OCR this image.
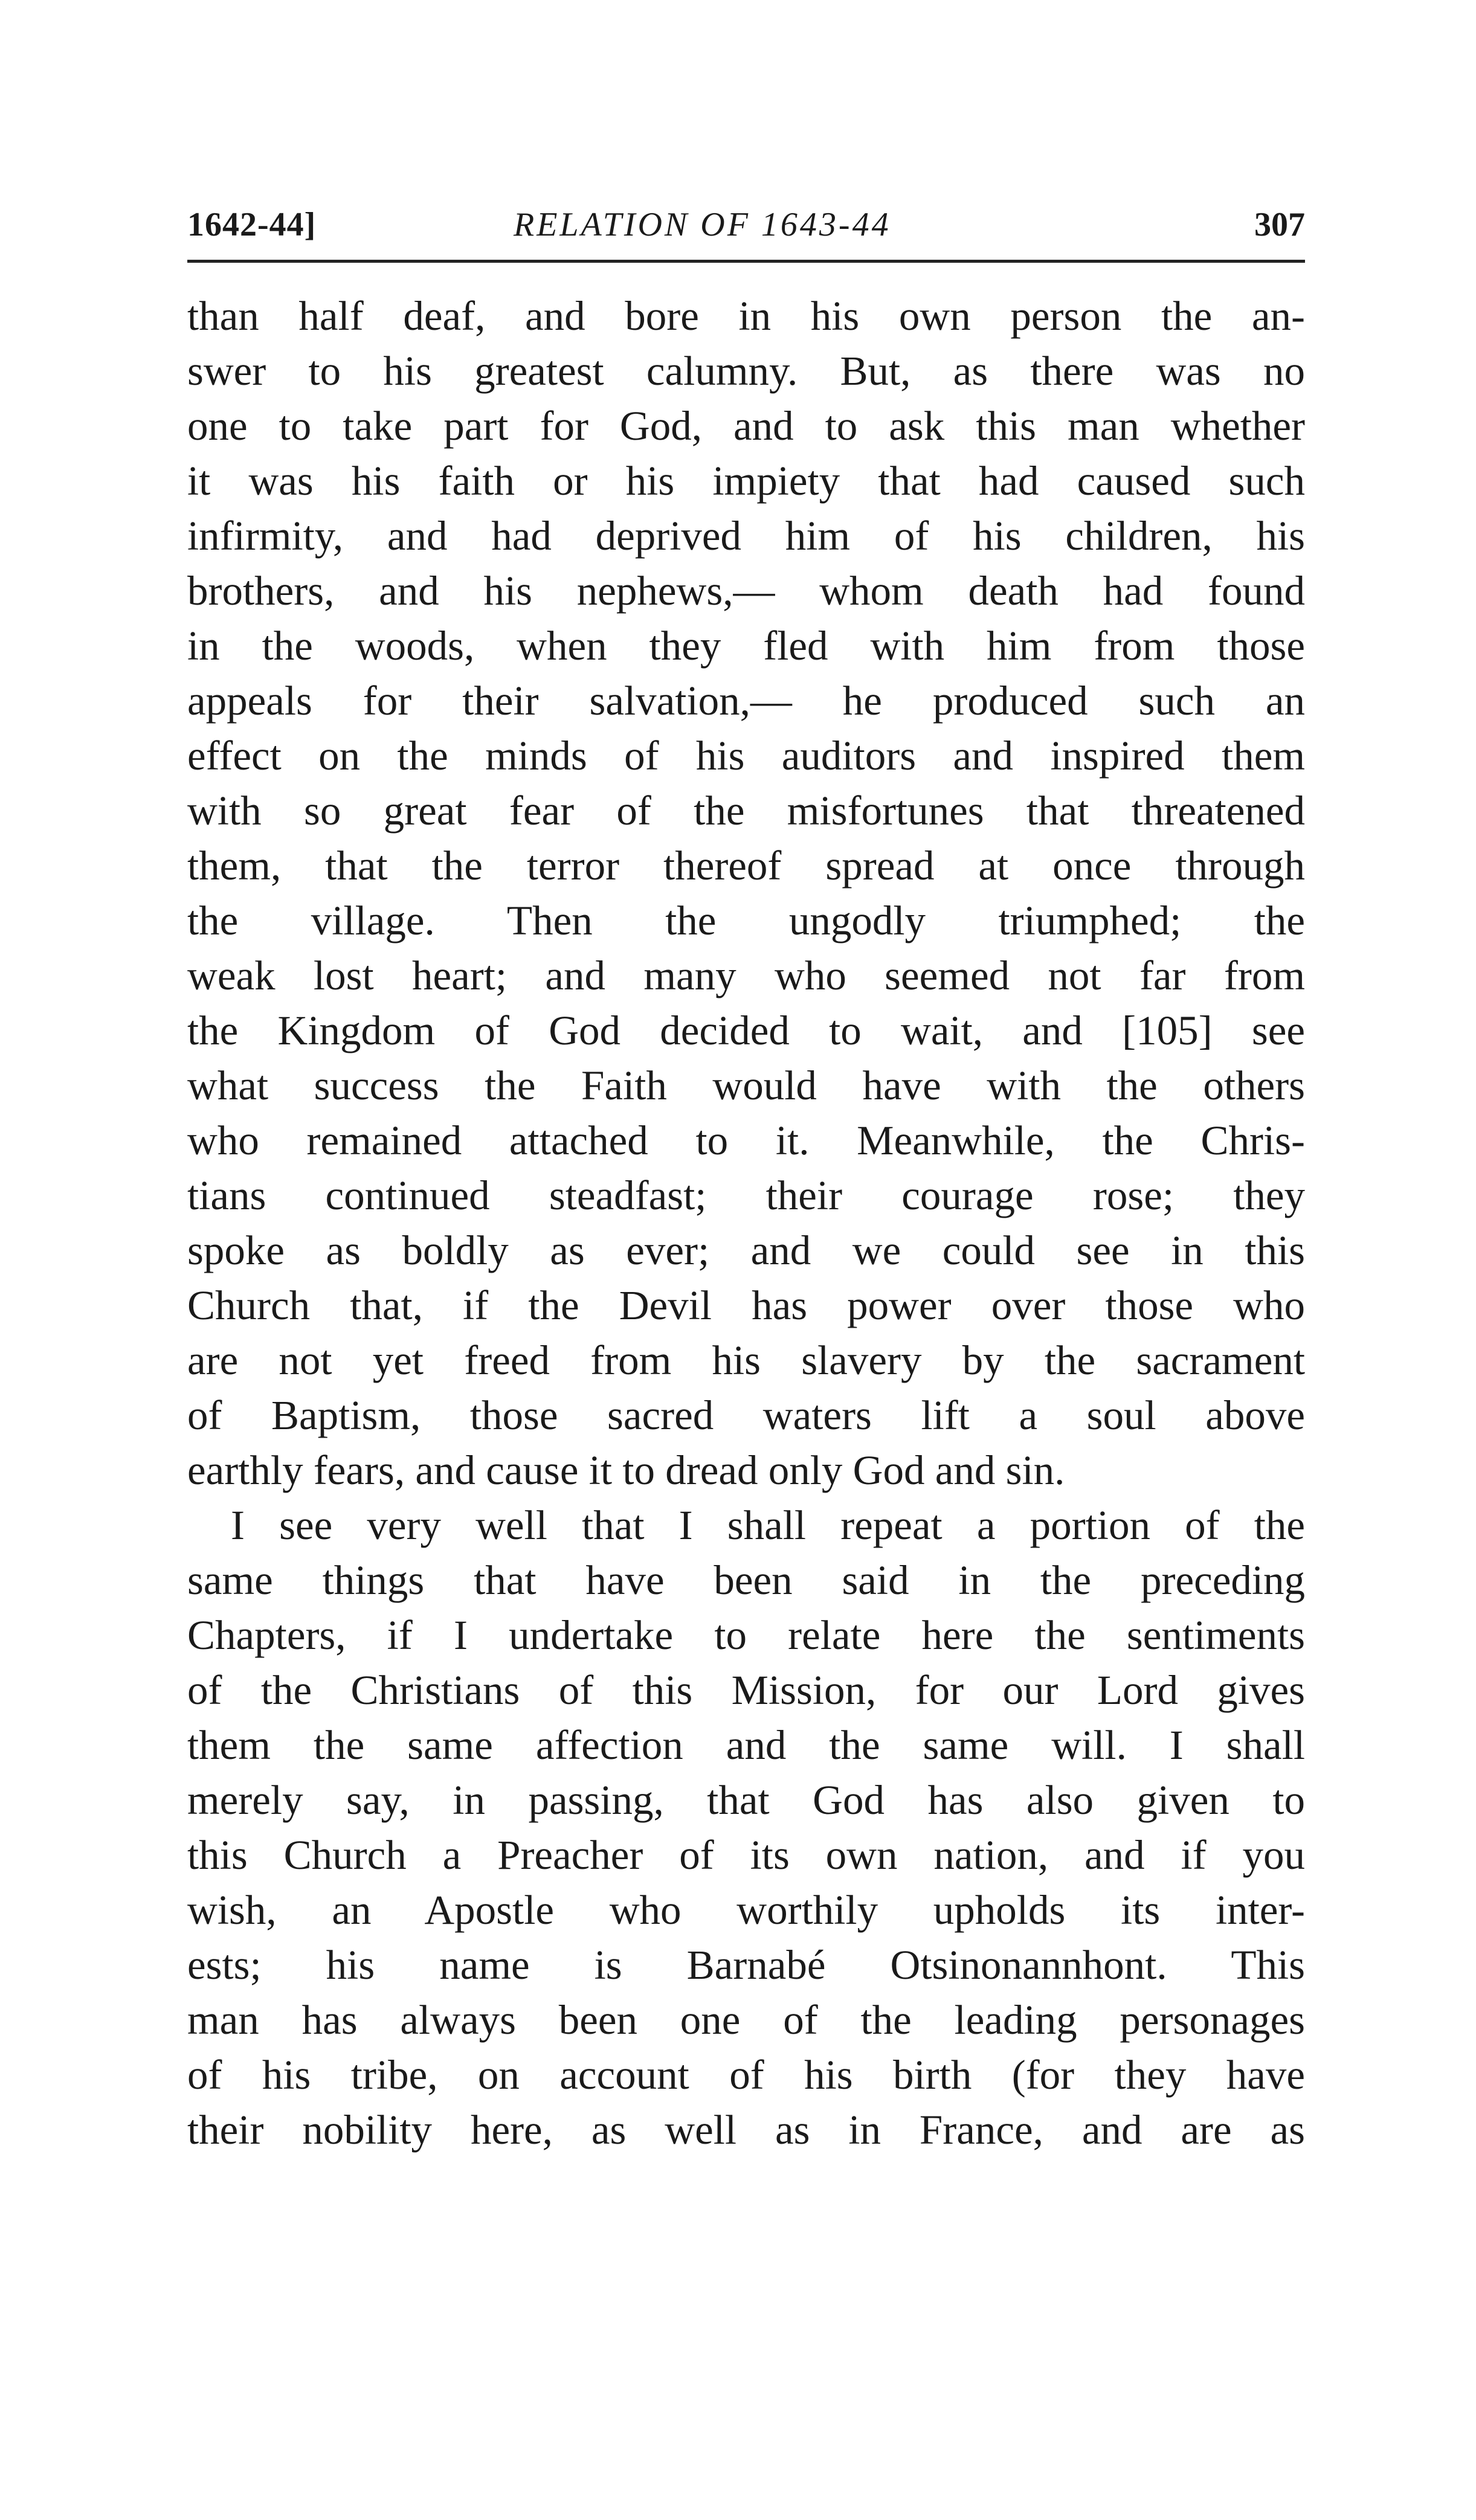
1642-44]	RELATION OF 1643-44	307
than half deaf, and bore in his own person the an-
swer to his greatest calumny. But, as there was no
one to take part for God, and to ask this man whether
it was his faith or his impiety that had caused such
infirmity, and had deprived him of his children, his
brothers, and his nephews,— whom death had found
in the woods, when they fled with him from those
appeals for their salvation,— he produced such an
effect on the minds of his auditors and inspired them
with so great fear of the misfortunes that threatened
them, that the terror thereof spread at once through
the village. Then the ungodly triumphed; the
weak lost heart; and many who seemed not far from
the Kingdom of God decided to wait, and [105] see
what success the Faith would have with the others
who remained attached to it. Meanwhile, the Chris-
tians continued steadfast; their courage rose; they
spoke as boldly as ever; and we could see in this
Church that, if the Devil has power over those who
are not yet freed from his slavery by the sacrament
of Baptism, those sacred waters lift a soul above
earthly fears, and cause it to dread only God and sin.
I see very well that I shall repeat a portion of the
same things that have been said in the preceding
Chapters, if I undertake to relate here the sentiments
of the Christians of this Mission, for our Lord gives
them the same affection and the same will. I shall
merely say, in passing, that God has also given to
this Church a Preacher of its own nation, and if you
wish, an Apostle who worthily upholds its inter-
ests; his name is Barnabé Otsinonannhont. This
man has always been one of the leading personages
of his tribe, on account of his birth (for they have
their nobility here, as well as in France, and are as
